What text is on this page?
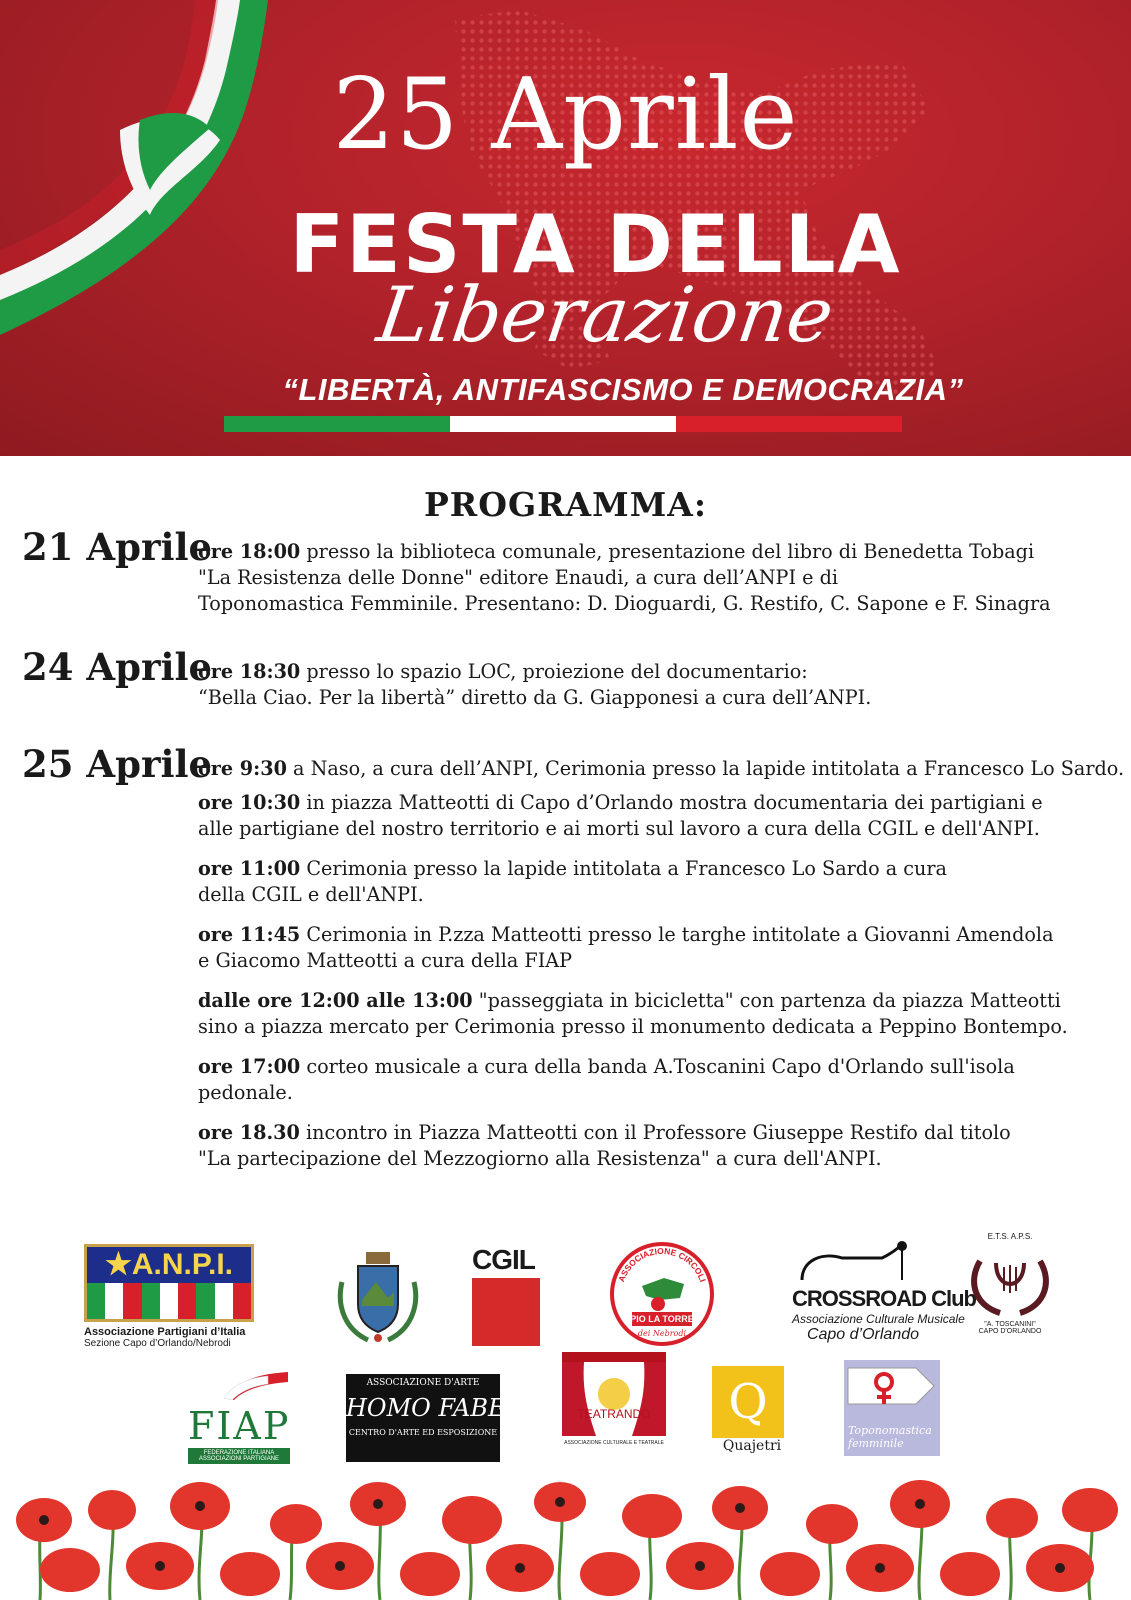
25 Aprile
FESTA DELLA
Liberazione
“LIBERTÀ, ANTIFASCISMO E DEMOCRAZIA”
PROGRAMMA:
21 Aprile

ore 18:00 presso la biblioteca comunale, presentazione del libro di Benedetta Tobagi
"La Resistenza delle Donne" editore Enaudi, a cura dell’ANPI e di
Toponomastica Femminile. Presentano: D. Dioguardi, G. Restifo, C. Sapone e F. Sinagra

24 Aprile

ore 18:30 presso lo spazio LOC, proiezione del documentario:
“Bella Ciao. Per la libertà” diretto da G. Giapponesi a cura dell’ANPI.

25 Aprile

ore 9:30 a Naso, a cura dell’ANPI, Cerimonia presso la lapide intitolata a Francesco Lo Sardo.

ore 10:30 in piazza Matteotti di Capo d’Orlando mostra documentaria dei partigiani e
alle partigiane del nostro territorio e ai morti sul lavoro a cura della CGIL e dell'ANPI.

ore 11:00 Cerimonia presso la lapide intitolata a Francesco Lo Sardo a cura
della CGIL e dell'ANPI.

ore 11:45 Cerimonia in P.zza Matteotti presso le targhe intitolate a Giovanni Amendola
e Giacomo Matteotti a cura della FIAP

dalle ore 12:00 alle 13:00 "passeggiata in bicicletta" con partenza da piazza Matteotti
sino a piazza mercato per Cerimonia presso il monumento dedicata a Peppino Bontempo.

ore 17:00 corteo musicale a cura della banda A.Toscanini Capo d'Orlando sull'isola
pedonale.

ore 18.30 incontro in Piazza Matteotti con il Professore Giuseppe Restifo dal titolo
"La partecipazione del Mezzogiorno alla Resistenza" a cura dell'ANPI.

★A.N.P.I.
Associazione Partigiani d’Italia
Sezione Capo d’Orlando/Nebrodi
CGIL
ASSOCIAZIONE CIRCOLI
"PIO LA TORRE"
dei Nebrodi
CROSSROAD Club
Associazione Culturale Musicale
Capo d’Orlando
E.T.S. A.P.S.
"A. TOSCANINI"
CAPO D'ORLANDO
FIAP
FEDERAZIONE ITALIANA
ASSOCIAZIONI PARTIGIANE
ASSOCIAZIONE D'ARTE
HOMO FABER
CENTRO D'ARTE ED ESPOSIZIONE
TEATRANDO
ASSOCIAZIONE CULTURALE E TEATRALE
Q
Quajetri
Toponomastica
femminile
